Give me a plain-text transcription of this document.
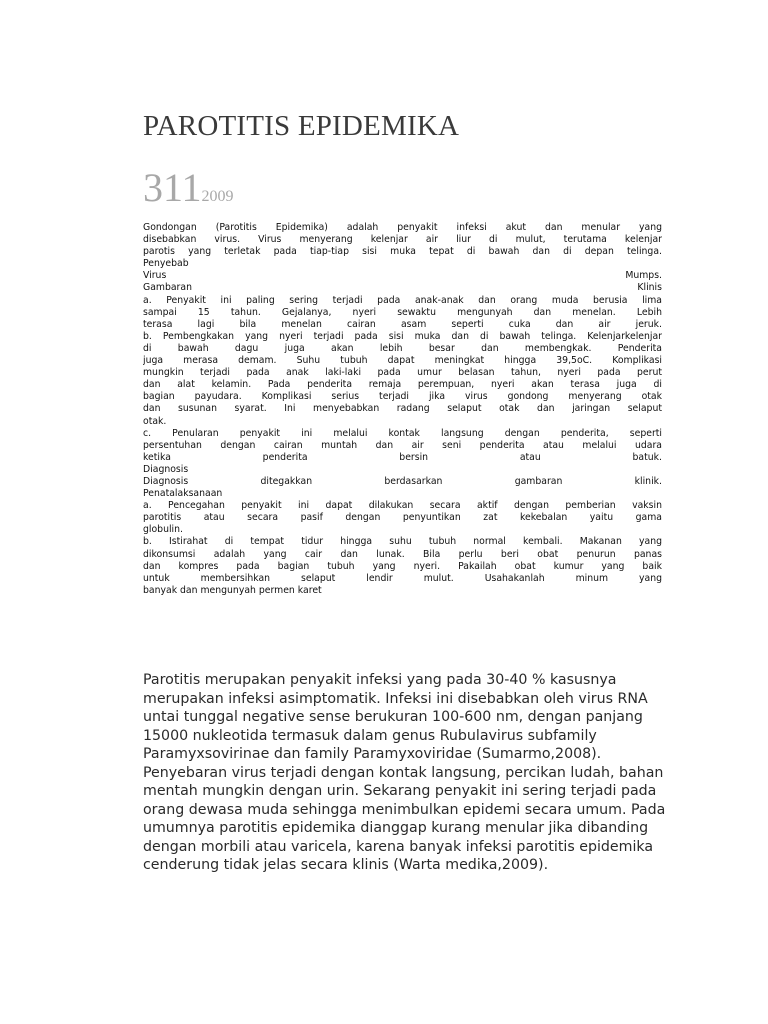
PAROTITIS EPIDEMIKA
3112009
Gondongan (Parotitis Epidemika) adalah penyakit infeksi akut dan menular yang
disebabkan virus. Virus menyerang kelenjar air liur di mulut, terutama kelenjar
parotis yang terletak pada tiap-tiap sisi muka tepat di bawah dan di depan telinga.
Penyebab
Virus Mumps.
Gambaran Klinis
a. Penyakit ini paling sering terjadi pada anak-anak dan orang muda berusia lima
sampai 15 tahun. Gejalanya, nyeri sewaktu mengunyah dan menelan. Lebih
terasa lagi bila menelan cairan asam seperti cuka dan air jeruk.
b. Pembengkakan yang nyeri terjadi pada sisi muka dan di bawah telinga. Kelenjarkelenjar
di bawah dagu juga akan lebih besar dan membengkak. Penderita
juga merasa demam. Suhu tubuh dapat meningkat hingga 39,5oC. Komplikasi
mungkin terjadi pada anak laki-laki pada umur belasan tahun, nyeri pada perut
dan alat kelamin. Pada penderita remaja perempuan, nyeri akan terasa juga di
bagian payudara. Komplikasi serius terjadi jika virus gondong menyerang otak
dan susunan syarat. Ini menyebabkan radang selaput otak dan jaringan selaput
otak.
c. Penularan penyakit ini melalui kontak langsung dengan penderita, seperti
persentuhan dengan cairan muntah dan air seni penderita atau melalui udara
ketika penderita bersin atau batuk.
Diagnosis
Diagnosis ditegakkan berdasarkan gambaran klinik.
Penatalaksanaan
a. Pencegahan penyakit ini dapat dilakukan secara aktif dengan pemberian vaksin
parotitis atau secara pasif dengan penyuntikan zat kekebalan yaitu gama
globulin.
b. Istirahat di tempat tidur hingga suhu tubuh normal kembali. Makanan yang
dikonsumsi adalah yang cair dan lunak. Bila perlu beri obat penurun panas
dan kompres pada bagian tubuh yang nyeri. Pakailah obat kumur yang baik
untuk membersihkan selaput lendir mulut. Usahakanlah minum yang
banyak dan mengunyah permen karet
Parotitis merupakan penyakit infeksi yang pada 30-40 % kasusnya
merupakan infeksi asimptomatik. Infeksi ini disebabkan oleh virus RNA
untai tunggal negative sense berukuran 100-600 nm, dengan panjang
15000 nukleotida termasuk dalam genus Rubulavirus subfamily
Paramyxsovirinae dan family Paramyxoviridae (Sumarmo,2008).
Penyebaran virus terjadi dengan kontak langsung, percikan ludah, bahan
mentah mungkin dengan urin. Sekarang penyakit ini sering terjadi pada
orang dewasa muda sehingga menimbulkan epidemi secara umum. Pada
umumnya parotitis epidemika dianggap kurang menular jika dibanding
dengan morbili atau varicela, karena banyak infeksi parotitis epidemika
cenderung tidak jelas secara klinis (Warta medika,2009).
